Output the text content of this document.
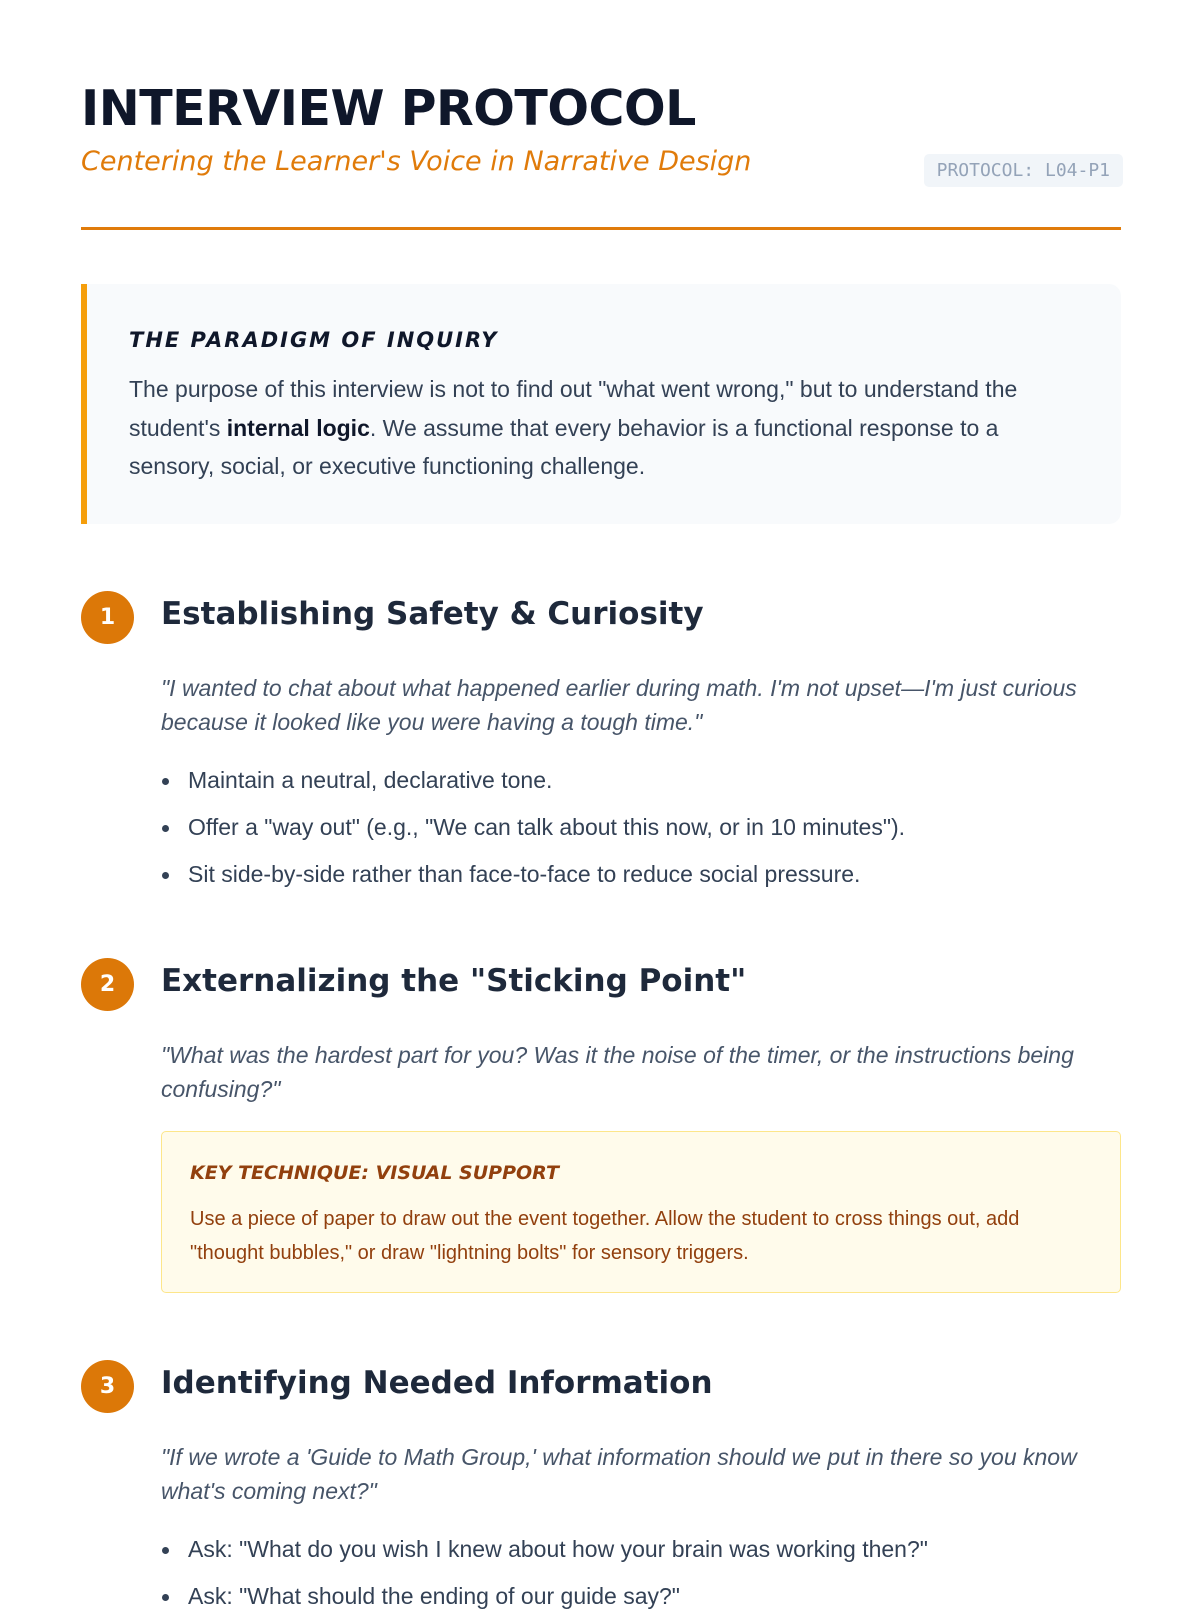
INTERVIEW PROTOCOL
Centering the Learner's Voice in Narrative Design	PROTOCOL: L04-P1
THE PARADIGM OF INQUIRY
The purpose of this interview is not to find out "what went wrong," but to understand the student's internal logic. We assume that every behavior is a functional response to a sensory, social, or executive functioning challenge.
1	Establishing Safety & Curiosity
"I wanted to chat about what happened earlier during math. I'm not upset—I'm just curious because it looked like you were having a tough time."
Maintain a neutral, declarative tone.
Offer a "way out" (e.g., "We can talk about this now, or in 10 minutes").
Sit side-by-side rather than face-to-face to reduce social pressure.
2	Externalizing the "Sticking Point"
"What was the hardest part for you? Was it the noise of the timer, or the instructions being confusing?"
KEY TECHNIQUE: VISUAL SUPPORT
Use a piece of paper to draw out the event together. Allow the student to cross things out, add "thought bubbles," or draw "lightning bolts" for sensory triggers.
3	Identifying Needed Information
"If we wrote a 'Guide to Math Group,' what information should we put in there so you know what's coming next?"
Ask: "What do you wish I knew about how your brain was working then?"
Ask: "What should the ending of our guide say?"
